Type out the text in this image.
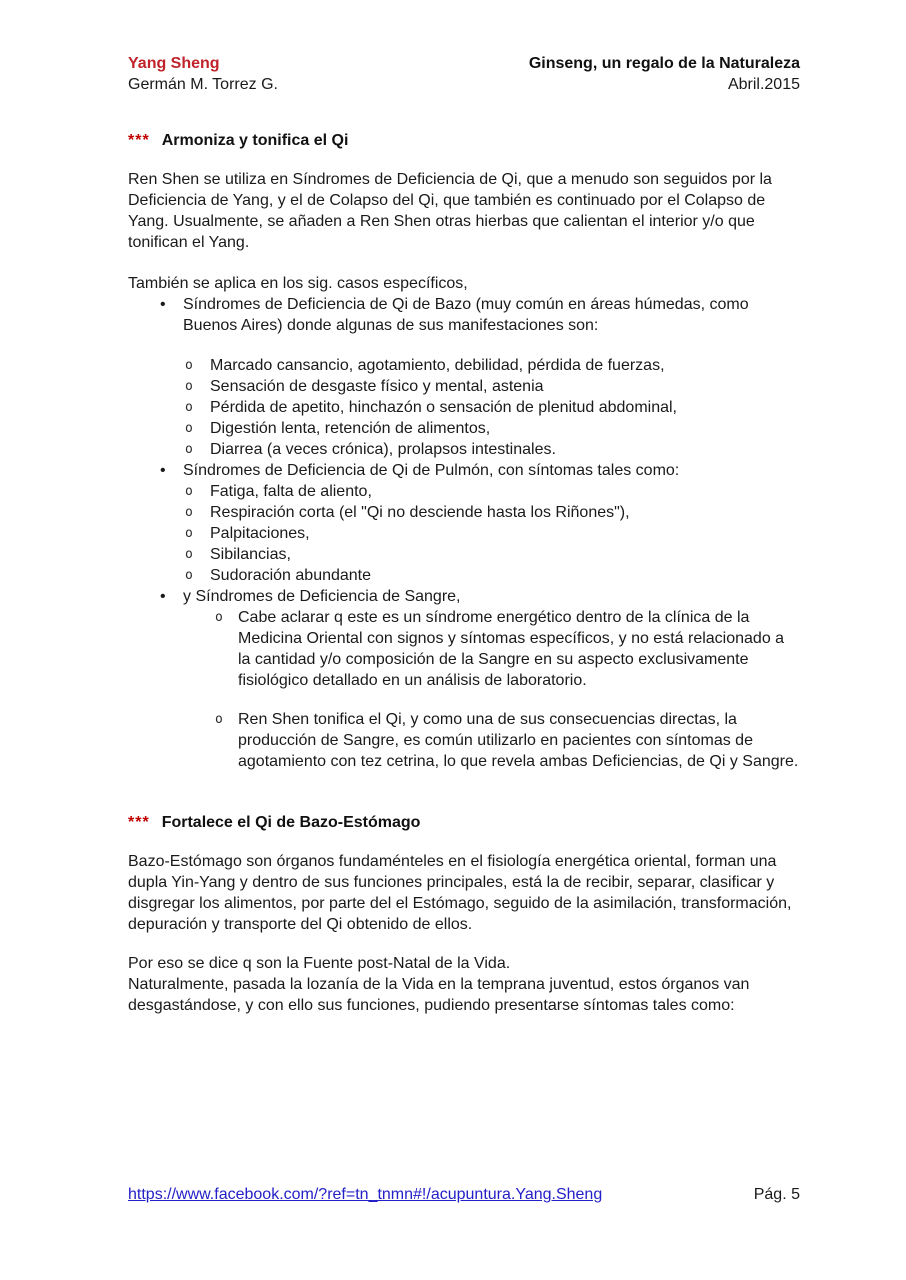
Yang Sheng
Germán M. Torrez G.
Ginseng, un regalo de la Naturaleza
Abril.2015
*** Armoniza y tonifica el Qi

Ren Shen se utiliza en Síndromes de Deficiencia de Qi, que a menudo son seguidos por la Deficiencia de Yang, y el de Colapso del Qi, que también es continuado por el Colapso de Yang. Usualmente, se añaden a Ren Shen otras hierbas que calientan el interior y/o que tonifican el Yang.

También se aplica en los sig. casos específicos,

•	Síndromes de Deficiencia de Qi de Bazo (muy común en áreas húmedas, como Buenos Aires) donde algunas de sus manifestaciones son:
o	Marcado cansancio, agotamiento, debilidad, pérdida de fuerzas,
o	Sensación de desgaste físico y mental, astenia
o	Pérdida de apetito, hinchazón o sensación de plenitud abdominal,
o	Digestión lenta, retención de alimentos,
o	Diarrea (a veces crónica), prolapsos intestinales.
•	Síndromes de Deficiencia de Qi de Pulmón, con síntomas tales como:
o	Fatiga, falta de aliento,
o	Respiración corta (el "Qi no desciende hasta los Riñones"),
o	Palpitaciones,
o	Sibilancias,
o	Sudoración abundante
•	y Síndromes de Deficiencia de Sangre,
o Cabe aclarar q este es un síndrome energético dentro de la clínica de la Medicina Oriental con signos y síntomas específicos, y no está relacionado a la cantidad y/o composición de la Sangre en su aspecto exclusivamente fisiológico detallado en un análisis de laboratorio.
o Ren Shen tonifica el Qi, y como una de sus consecuencias directas, la producción de Sangre, es común utilizarlo en pacientes con síntomas de agotamiento con tez cetrina, lo que revela ambas Deficiencias, de Qi y Sangre.
*** Fortalece el Qi de Bazo-Estómago

Bazo-Estómago son órganos fundaménteles en el fisiología energética oriental, forman una dupla Yin-Yang y dentro de sus funciones principales, está la de recibir, separar, clasificar y disgregar los alimentos, por parte del el Estómago, seguido de la asimilación, transformación, depuración y transporte del Qi obtenido de ellos.

Por eso se dice q son la Fuente post-Natal de la Vida.
Naturalmente, pasada la lozanía de la Vida en la temprana juventud, estos órganos van desgastándose, y con ello sus funciones, pudiendo presentarse síntomas tales como:
https://www.facebook.com/?ref=tn_tnmn#!/acupuntura.Yang.Sheng	Pág. 5
